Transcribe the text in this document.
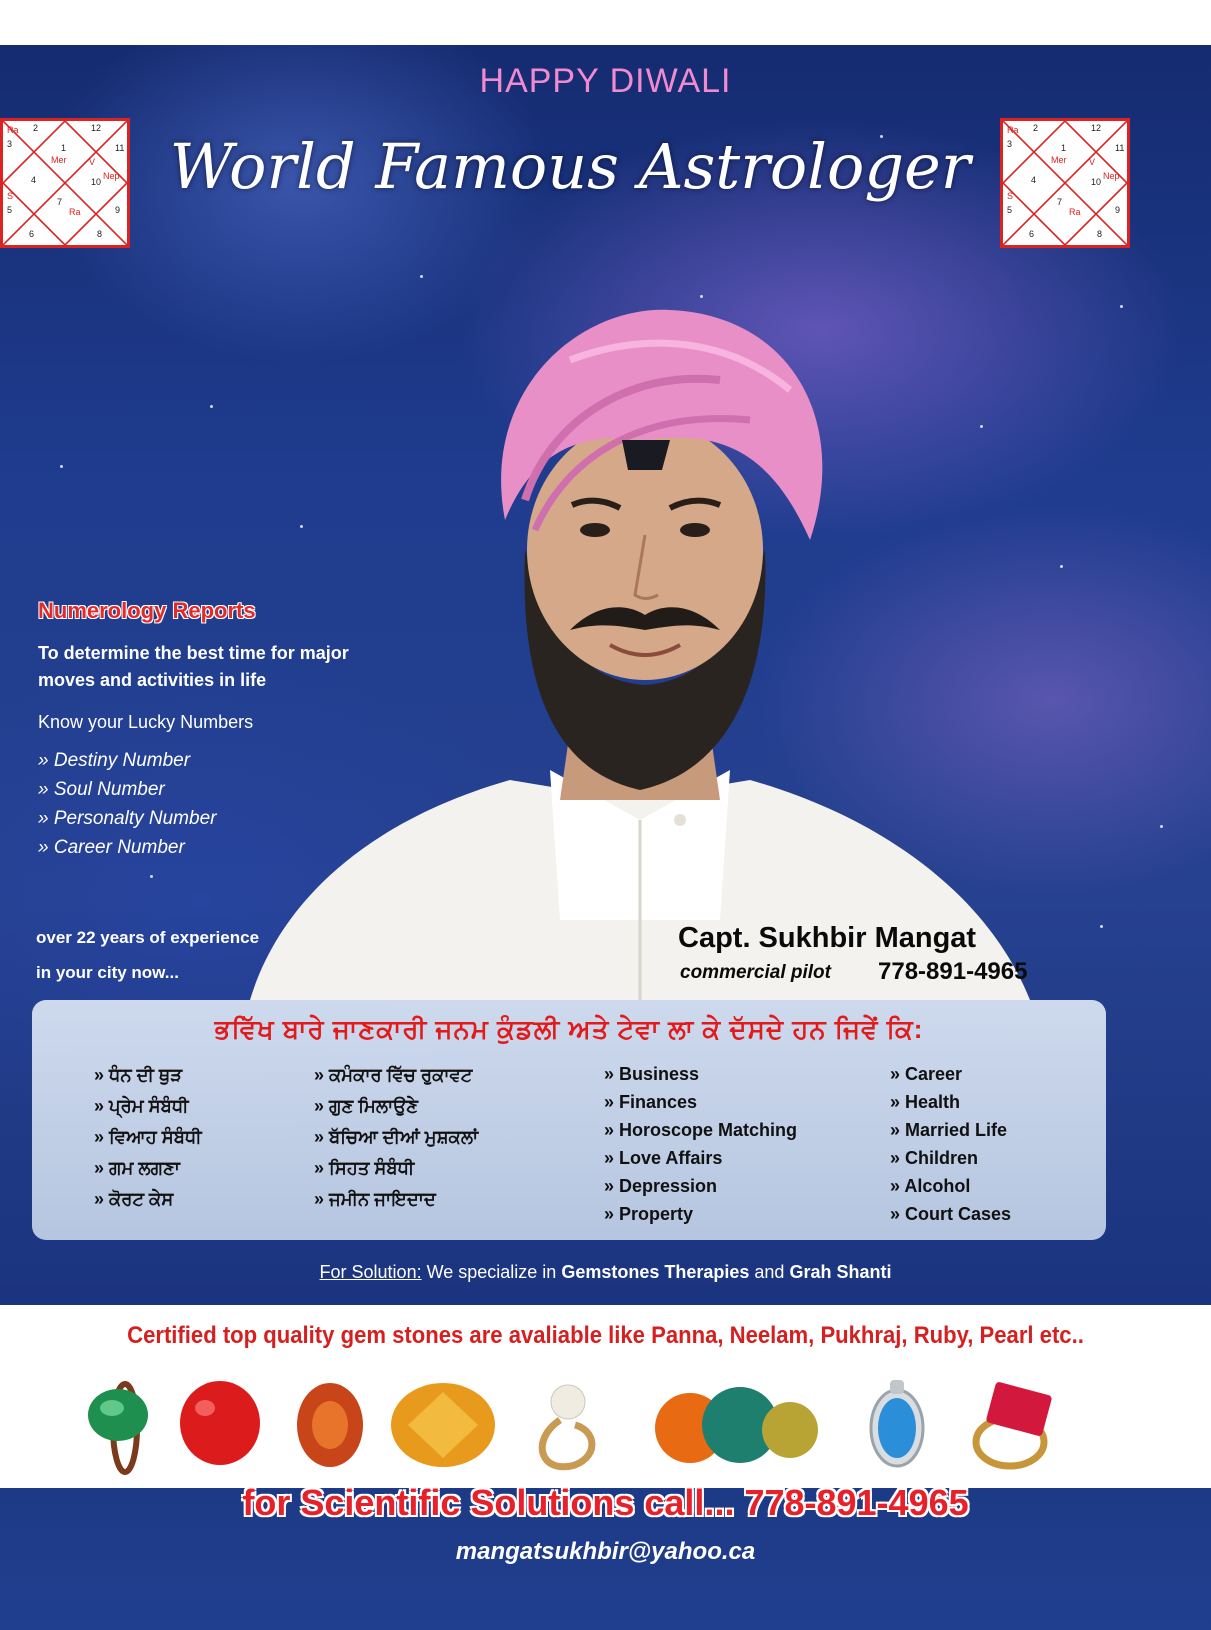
HAPPY DIWALI
World Famous Astrologer
Ra 2	12
3	1	11
Mer	V
4	10
Nep
S
7
Ra
5	9
6	8
Ra 2	12
3	1	11
Mer	V
4	10
Nep
S
7
Ra
5	9
6	8
Numerology Reports
To determine the best time for major moves and activities in life
Know your Lucky Numbers
» Destiny Number
» Soul Number
» Personalty Number
» Career Number
over 22 years of experience
in your city now...
Capt. Sukhbir Mangat
commercial pilot 778-891-4965
ਭਵਿੱਖ ਬਾਰੇ ਜਾਣਕਾਰੀ ਜਨਮ ਕੁੰਡਲੀ ਅਤੇ ਟੇਵਾ ਲਾ ਕੇ ਦੱਸਦੇ ਹਨ ਜਿਵੇਂ ਕਿ:
» ਧੰਨ ਦੀ ਥੁੜ
» ਪ੍ਰੇਮ ਸੰਬੰਧੀ
» ਵਿਆਹ ਸੰਬੰਧੀ
» ਗਮ ਲਗਣਾ
» ਕੋਰਟ ਕੇਸ
» ਕਮੰਕਾਰ ਵਿੱਚ ਰੁਕਾਵਟ
» ਗੁਣ ਮਿਲਾਉਣੇ
» ਬੱਚਿਆ ਦੀਆਂ ਮੁਸ਼ਕਲਾਂ
» ਸਿਹਤ ਸੰਬੰਧੀ
» ਜਮੀਨ ਜਾਇਦਾਦ
» Business
» Finances
» Horoscope Matching
» Love Affairs
» Depression
» Property
» Career
» Health
» Married Life
» Children
» Alcohol
» Court Cases
For Solution: We specialize in Gemstones Therapies and Grah Shanti
Certified top quality gem stones are avaliable like Panna, Neelam, Pukhraj, Ruby, Pearl etc..
for Scientific Solutions call... 778-891-4965
mangatsukhbir@yahoo.ca
